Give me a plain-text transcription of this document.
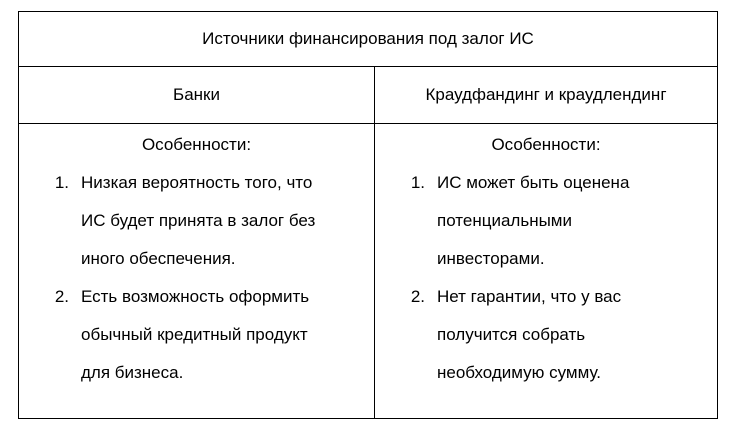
Источники финансирования под залог ИС
Банки	Краудфандинг и краудлендинг
Особенности:
1. Низкая вероятность того, что
ИС будет принята в залог без
иного обеспечения.
2. Есть возможность оформить
обычный кредитный продукт
для бизнеса.
Особенности:
1. ИС может быть оценена
потенциальными
инвесторами.
2. Нет гарантии, что у вас
получится собрать
необходимую сумму.
